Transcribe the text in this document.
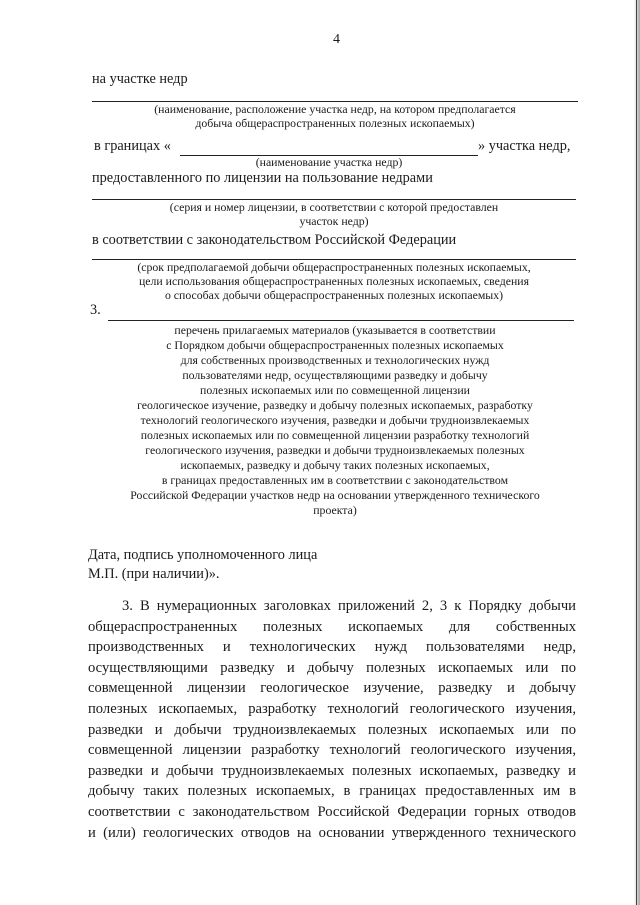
4
на участке недр
(наименование, расположение участка недр, на котором предполагается
добыча общераспространенных полезных ископаемых)
в границах «	» участка недр,
(наименование участка недр)
предоставленного по лицензии на пользование недрами
(серия и номер лицензии, в соответствии с которой предоставлен
участок недр)
в соответствии с законодательством Российской Федерации
(срок предполагаемой добычи общераспространенных полезных ископаемых,
цели использования общераспространенных полезных ископаемых, сведения
о способах добычи общераспространенных полезных ископаемых)
3.
перечень прилагаемых материалов (указывается в соответствии
с Порядком добычи общераспространенных полезных ископаемых
для собственных производственных и технологических нужд
пользователями недр, осуществляющими разведку и добычу
полезных ископаемых или по совмещенной лицензии
геологическое изучение, разведку и добычу полезных ископаемых, разработку
технологий геологического изучения, разведки и добычи трудноизвлекаемых
полезных ископаемых или по совмещенной лицензии разработку технологий
геологического изучения, разведки и добычи трудноизвлекаемых полезных
ископаемых, разведку и добычу таких полезных ископаемых,
в границах предоставленных им в соответствии с законодательством
Российской Федерации участков недр на основании утвержденного технического
проекта)
Дата, подпись уполномоченного лица
М.П. (при наличии)».
3. В нумерационных заголовках приложений 2, 3 к Порядку добычи
общераспространенных полезных ископаемых для собственных
производственных и технологических нужд пользователями недр,
осуществляющими разведку и добычу полезных ископаемых или по
совмещенной лицензии геологическое изучение, разведку и добычу
полезных ископаемых, разработку технологий геологического изучения,
разведки и добычи трудноизвлекаемых полезных ископаемых или по
совмещенной лицензии разработку технологий геологического изучения,
разведки и добычи трудноизвлекаемых полезных ископаемых, разведку и
добычу таких полезных ископаемых, в границах предоставленных им в
соответствии с законодательством Российской Федерации горных отводов
и (или) геологических отводов на основании утвержденного технического
